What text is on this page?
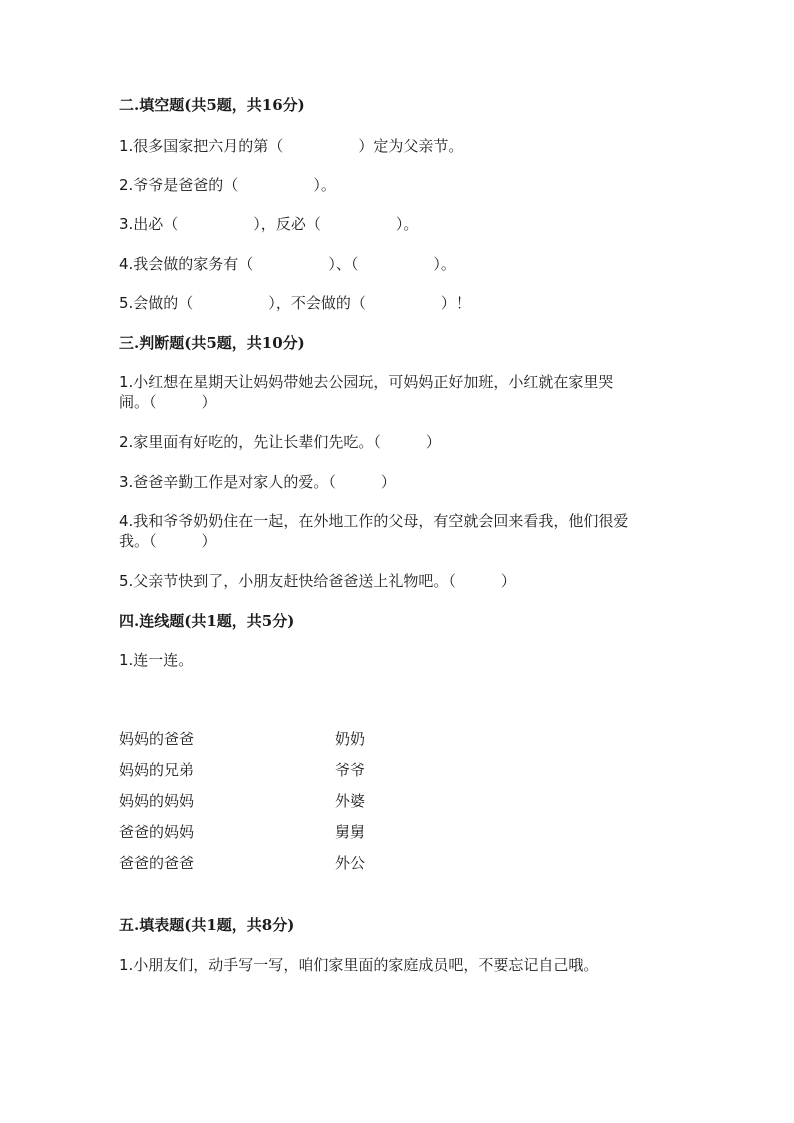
二.填空题(共5题，共16分)
1.很多国家把六月的第（　　　　　）定为父亲节。
2.爷爷是爸爸的（　　　　　）。
3.出必（　　　　　），反必（　　　　　）。
4.我会做的家务有（　　　　　）、（　　　　　）。
5.会做的（　　　　　），不会做的（　　　　　）！
三.判断题(共5题，共10分)
1.小红想在星期天让妈妈带她去公园玩，可妈妈正好加班，小红就在家里哭
闹。（　　　）
2.家里面有好吃的，先让长辈们先吃。（　　　）
3.爸爸辛勤工作是对家人的爱。（　　　）
4.我和爷爷奶奶住在一起，在外地工作的父母，有空就会回来看我，他们很爱
我。（　　　）
5.父亲节快到了，小朋友赶快给爸爸送上礼物吧。（　　　）
四.连线题(共1题，共5分)
1.连一连。
妈妈的爸爸
妈妈的兄弟
妈妈的妈妈
爸爸的妈妈
爸爸的爸爸
奶奶
爷爷
外婆
舅舅
外公
五.填表题(共1题，共8分)
1.小朋友们，动手写一写，咱们家里面的家庭成员吧，不要忘记自己哦。
